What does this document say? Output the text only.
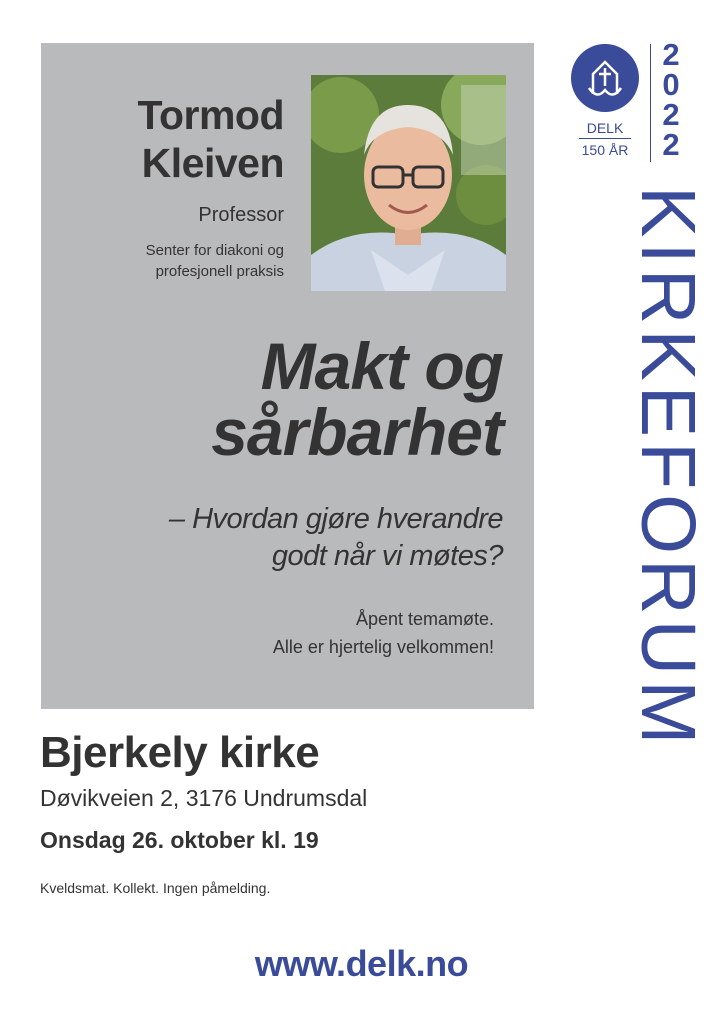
Tormod
Kleiven
Professor
Senter for diakoni og
profesjonell praksis
Makt og
sårbarhet
– Hvordan gjøre hverandre
godt når vi møtes?
Åpent temamøte.
Alle er hjertelig velkommen!
Bjerkely kirke
Døvikveien 2, 3176 Undrumsdal
Onsdag 26. oktober kl. 19
Kveldsmat. Kollekt. Ingen påmelding.
www.delk.no
DELK
150 ÅR
2
0
2
2
KIRKEFORUM
